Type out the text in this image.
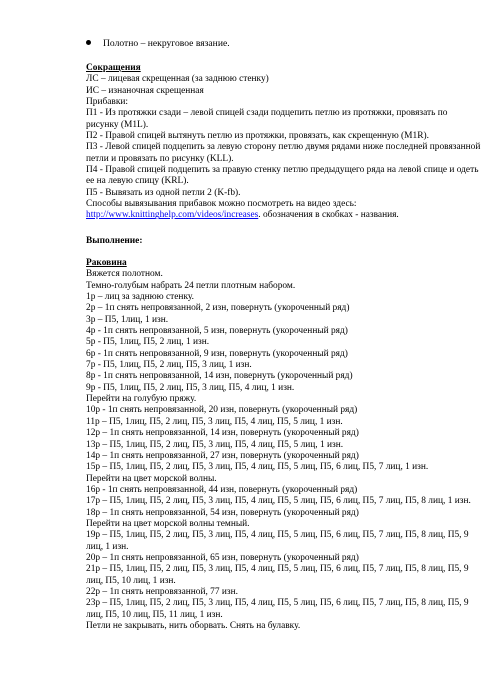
Полотно – некруговое вязание.
Сокращения
ЛС – лицевая скрещенная (за заднюю стенку)
ИС – изнаночная скрещенная
Прибавки:
П1 - Из протяжки сзади – левой спицей сзади подцепить петлю из протяжки, провязать по рисунку (M1L).
П2 - Правой спицей вытянуть петлю из протяжки, провязать, как скрещенную (M1R).
П3 - Левой спицей подцепить за левую сторону петлю двумя рядами ниже последней провязанной петли и провязать по рисунку (KLL).
П4 - Правой спицей подцепить за правую стенку петлю предыдущего ряда на левой спице и одеть ее на левую спицу (KRL).
П5 - Вывязать из одной петли 2 (K-fb).
Способы вывязывания прибавок можно посмотреть на видео здесь:
http://www.knittinghelp.com/videos/increases. обозначения в скобках - названия.
Выполнение:
Раковина
Вяжется полотном.
Темно-голубым набрать 24 петли плотным набором.
1р – лиц за заднюю стенку.
2р – 1п снять непровязанной, 2 изн, повернуть (укороченный ряд)
3р – П5, 1лиц, 1 изн.
4р - 1п снять непровязанной, 5 изн, повернуть (укороченный ряд)
5р - П5, 1лиц, П5, 2 лиц, 1 изн.
6р - 1п снять непровязанной, 9 изн, повернуть (укороченный ряд)
7р - П5, 1лиц, П5, 2 лиц, П5, 3 лиц, 1 изн.
8р - 1п снять непровязанной, 14 изн, повернуть (укороченный ряд)
9р - П5, 1лиц, П5, 2 лиц, П5, 3 лиц, П5, 4 лиц, 1 изн.
Перейти на голубую пряжу.
10р - 1п снять непровязанной, 20 изн, повернуть (укороченный ряд)
11р – П5, 1лиц, П5, 2 лиц, П5, 3 лиц, П5, 4 лиц, П5, 5 лиц, 1 изн.
12р – 1п снять непровязанной, 14 изн, повернуть (укороченный ряд)
13р – П5, 1лиц, П5, 2 лиц, П5, 3 лиц, П5, 4 лиц, П5, 5 лиц, 1 изн.
14р – 1п снять непровязанной, 27 изн, повернуть (укороченный ряд)
15р – П5, 1лиц, П5, 2 лиц, П5, 3 лиц, П5, 4 лиц, П5, 5 лиц, П5, 6 лиц, П5, 7 лиц, 1 изн.
Перейти на цвет морской волны.
16р - 1п снять непровязанной, 44 изн, повернуть (укороченный ряд)
17р – П5, 1лиц, П5, 2 лиц, П5, 3 лиц, П5, 4 лиц, П5, 5 лиц, П5, 6 лиц, П5, 7 лиц, П5, 8 лиц, 1 изн.
18р – 1п снять непровязанной, 54 изн, повернуть (укороченный ряд)
Перейти на цвет морской волны темный.
19р – П5, 1лиц, П5, 2 лиц, П5, 3 лиц, П5, 4 лиц, П5, 5 лиц, П5, 6 лиц, П5, 7 лиц, П5, 8 лиц, П5, 9 лиц, 1 изн.
20р – 1п снять непровязанной, 65 изн, повернуть (укороченный ряд)
21р – П5, 1лиц, П5, 2 лиц, П5, 3 лиц, П5, 4 лиц, П5, 5 лиц, П5, 6 лиц, П5, 7 лиц, П5, 8 лиц, П5, 9 лиц, П5, 10 лиц, 1 изн.
22р – 1п снять непровязанной, 77 изн.
23р – П5, 1лиц, П5, 2 лиц, П5, 3 лиц, П5, 4 лиц, П5, 5 лиц, П5, 6 лиц, П5, 7 лиц, П5, 8 лиц, П5, 9 лиц, П5, 10 лиц, П5, 11 лиц, 1 изн.
Петли не закрывать, нить оборвать. Снять на булавку.
